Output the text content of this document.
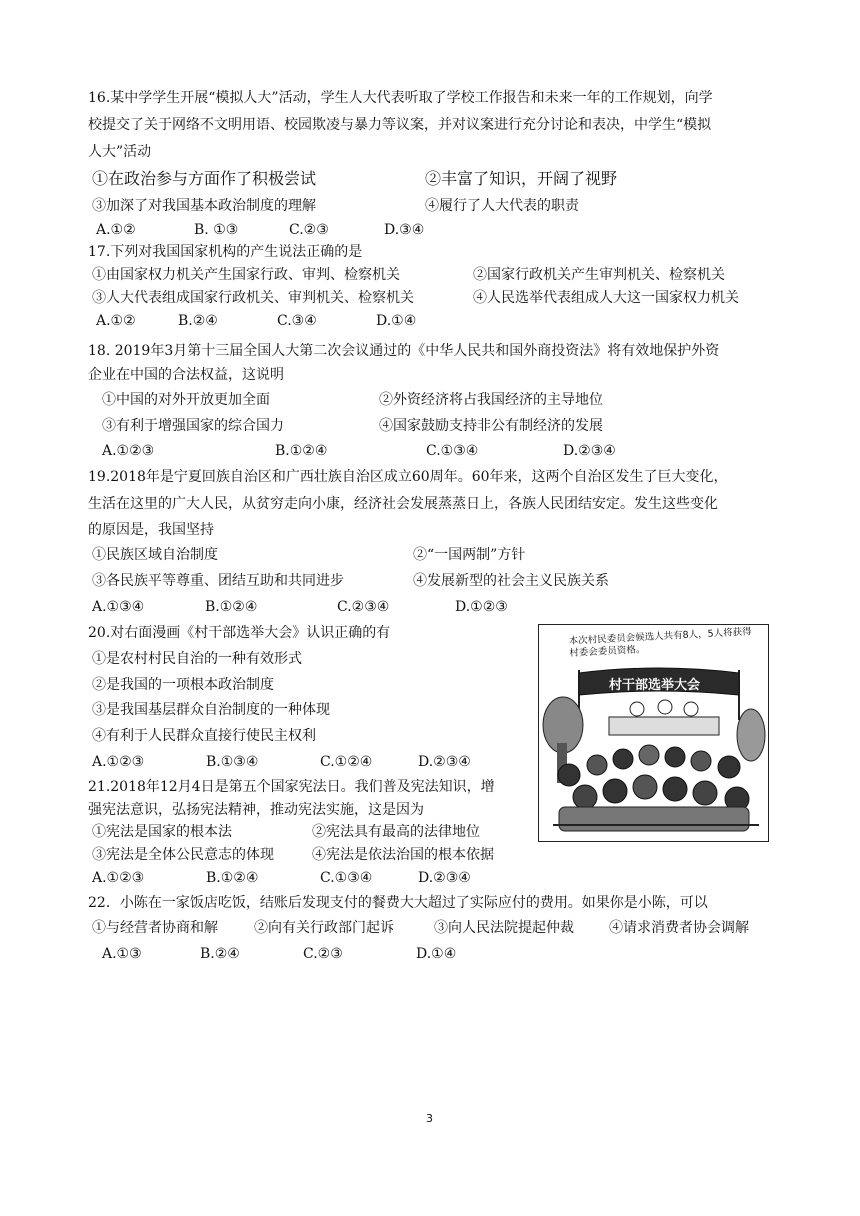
16.某中学学生开展“模拟人大”活动，学生人大代表听取了学校工作报告和未来一年的工作规划，向学
校提交了关于网络不文明用语、校园欺凌与暴力等议案，并对议案进行充分讨论和表决，中学生“模拟
人大”活动
①在政治参与方面作了积极尝试	②丰富了知识，开阔了视野
③加深了对我国基本政治制度的理解	④履行了人大代表的职责
A.①②	B. ①③	C.②③	D.③④
17.下列对我国国家机构的产生说法正确的是
①由国家权力机关产生国家行政、审判、检察机关	②国家行政机关产生审判机关、检察机关
③人大代表组成国家行政机关、审判机关、检察机关	④人民选举代表组成人大这一国家权力机关
A.①②	B.②④	C.③④	D.①④
18. 2019年3月第十三届全国人大第二次会议通过的《中华人民共和国外商投资法》将有效地保护外资
企业在中国的合法权益，这说明
①中国的对外开放更加全面	②外资经济将占我国经济的主导地位
③有利于增强国家的综合国力	④国家鼓励支持非公有制经济的发展
A.①②③	B.①②④	C.①③④	D.②③④
19.2018年是宁夏回族自治区和广西壮族自治区成立60周年。60年来，这两个自治区发生了巨大变化，
生活在这里的广大人民，从贫穷走向小康，经济社会发展蒸蒸日上，各族人民团结安定。发生这些变化
的原因是，我国坚持
①民族区域自治制度	②“一国两制”方针
③各民族平等尊重、团结互助和共同进步	④发展新型的社会主义民族关系
A.①③④	B.①②④	C.②③④	D.①②③
20.对右面漫画《村干部选举大会》认识正确的有
①是农村村民自治的一种有效形式
②是我国的一项根本政治制度
③是我国基层群众自治制度的一种体现
④有利于人民群众直接行使民主权利
A.①②③	B.①③④	C.①②④	D.②③④
本次村民委员会候选人共有8人，5人将获得村委会委员资格。
村干部选举大会
21.2018年12月4日是第五个国家宪法日。我们普及宪法知识，增
强宪法意识，弘扬宪法精神，推动宪法实施，这是因为
①宪法是国家的根本法	②宪法具有最高的法律地位
③宪法是全体公民意志的体现	④宪法是依法治国的根本依据
A.①②③	B.①②④	C.①③④	D.②③④
22．小陈在一家饭店吃饭，结账后发现支付的餐费大大超过了实际应付的费用。如果你是小陈，可以
①与经营者协商和解	②向有关行政部门起诉	③向人民法院提起仲裁	④请求消费者协会调解
A.①③	B.②④	C.②③	D.①④
3
